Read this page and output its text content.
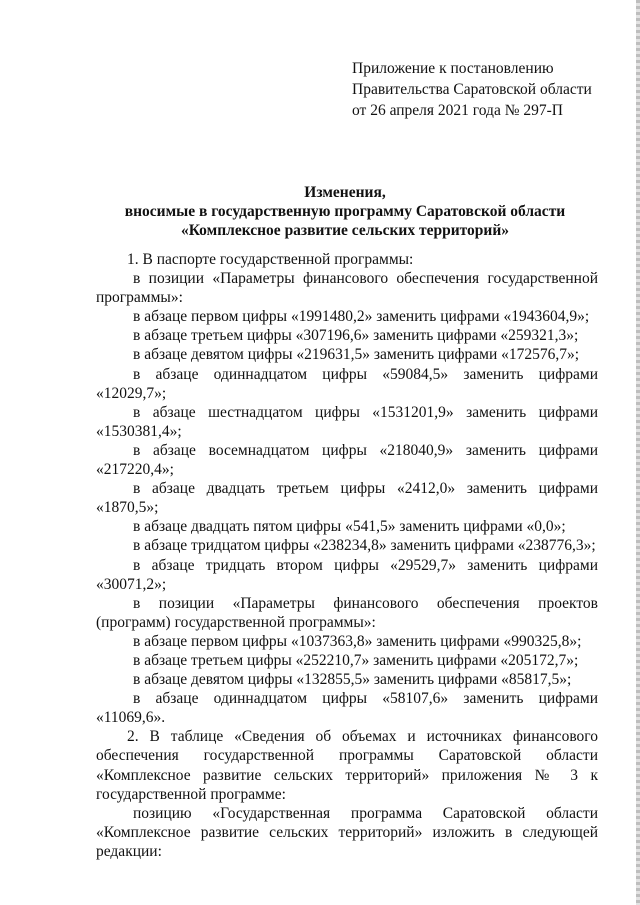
Приложение к постановлению
Правительства Саратовской области
от 26 апреля 2021 года № 297-П
Изменения,
вносимые в государственную программу Саратовской области
«Комплексное развитие сельских территорий»

1. В паспорте государственной программы:

в позиции «Параметры финансового обеспечения государственной программы»:

в абзаце первом цифры «1991480,2» заменить цифрами «1943604,9»;

в абзаце третьем цифры «307196,6» заменить цифрами «259321,3»;

в абзаце девятом цифры «219631,5» заменить цифрами «172576,7»;

в абзаце одиннадцатом цифры «59084,5» заменить цифрами «12029,7»;

в абзаце шестнадцатом цифры «1531201,9» заменить цифрами «1530381,4»;

в абзаце восемнадцатом цифры «218040,9» заменить цифрами «217220,4»;

в абзаце двадцать третьем цифры «2412,0» заменить цифрами «1870,5»;

в абзаце двадцать пятом цифры «541,5» заменить цифрами «0,0»;

в абзаце тридцатом цифры «238234,8» заменить цифрами «238776,3»;

в абзаце тридцать втором цифры «29529,7» заменить цифрами «30071,2»;

в позиции «Параметры финансового обеспечения проектов (программ) государственной программы»:

в абзаце первом цифры «1037363,8» заменить цифрами «990325,8»;

в абзаце третьем цифры «252210,7» заменить цифрами «205172,7»;

в абзаце девятом цифры «132855,5» заменить цифрами «85817,5»;

в абзаце одиннадцатом цифры «58107,6» заменить цифрами «11069,6».

2. В таблице «Сведения об объемах и источниках финансового обеспечения государственной программы Саратовской области «Комплексное развитие сельских территорий» приложения № 3 к государственной программе:

позицию «Государственная программа Саратовской области «Комплексное развитие сельских территорий» изложить в следующей редакции:
